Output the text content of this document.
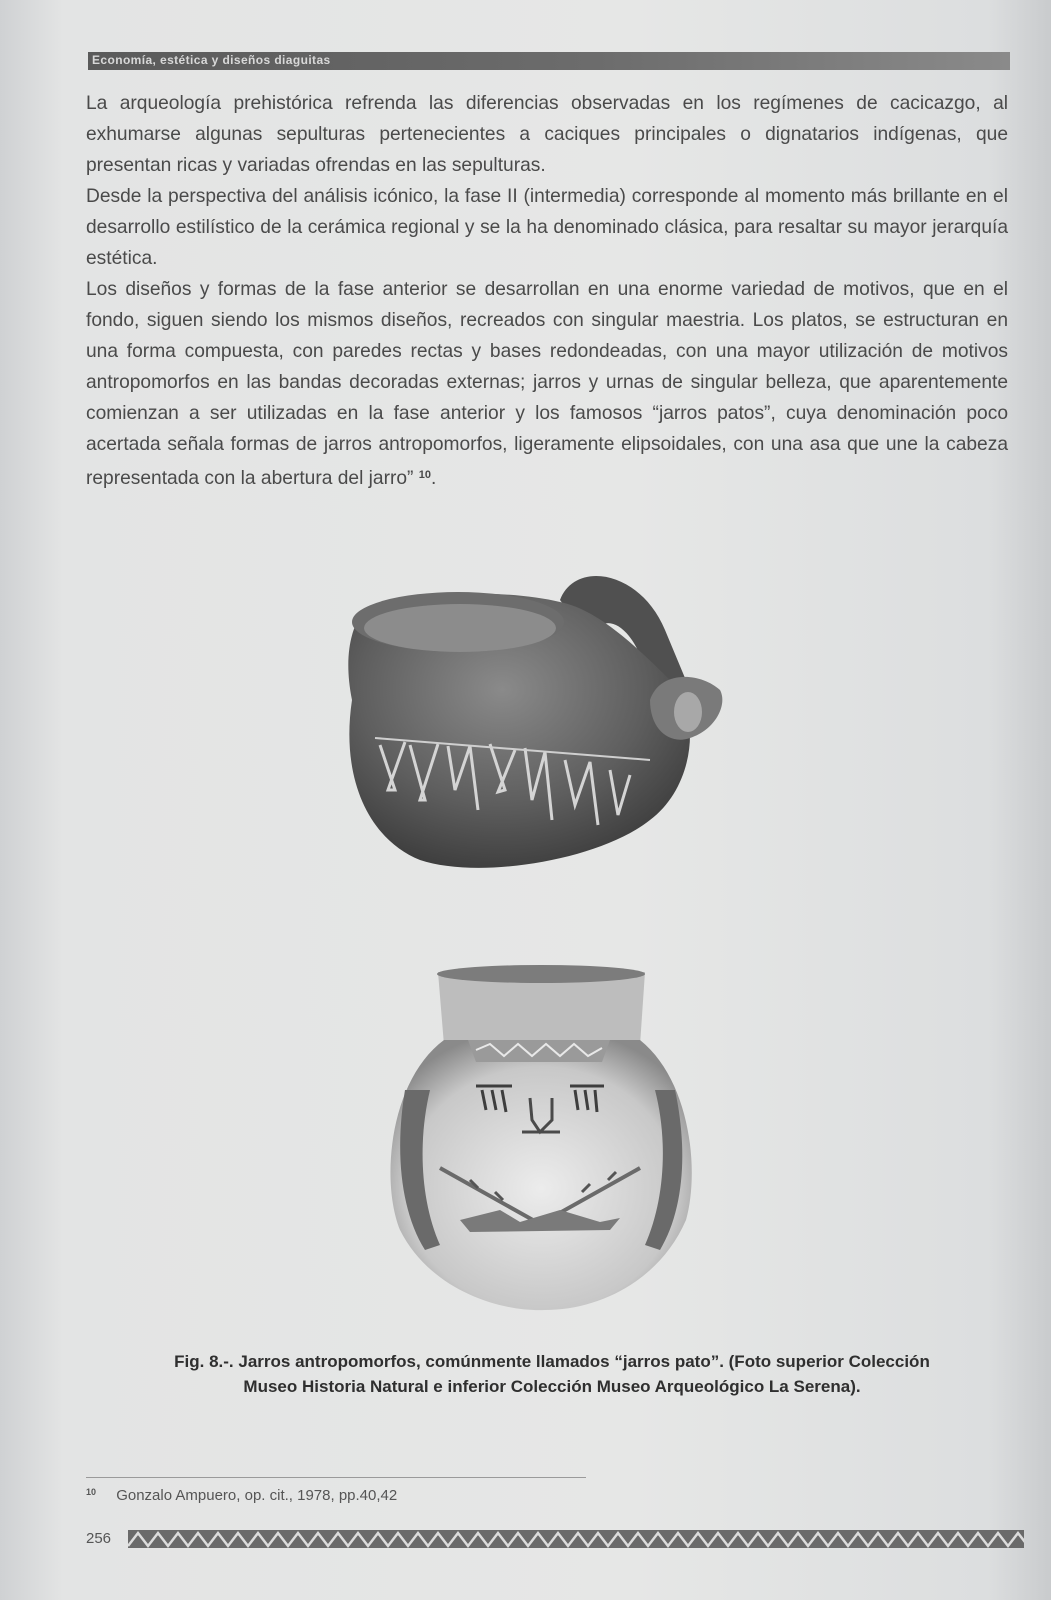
Economía, estética y diseños diaguitas

La arqueología prehistórica refrenda las diferencias observadas en los regímenes de cacicazgo, al exhumarse algunas sepulturas pertenecientes a caciques principales o dignatarios indígenas, que presentan ricas y variadas ofrendas en las sepulturas.

Desde la perspectiva del análisis icónico, la fase II (intermedia) corresponde al momento más brillante en el desarrollo estilístico de la cerámica regional y se la ha denominado clásica, para resaltar su mayor jerarquía estética.

Los diseños y formas de la fase anterior se desarrollan en una enorme variedad de motivos, que en el fondo, siguen siendo los mismos diseños, recreados con singular maestria. Los platos, se estructuran en una forma compuesta, con paredes rectas y bases redondeadas, con una mayor utilización de motivos antropomorfos en las bandas decoradas externas; jarros y urnas de singular belleza, que aparentemente comienzan a ser utilizadas en la fase anterior y los famosos “jarros patos”, cuya denominación poco acertada señala formas de jarros antropomorfos, ligeramente elipsoidales, con una asa que une la cabeza representada con la abertura del jarro” $^{10}$.

Fig. 8.-. Jarros antropomorfos, comúnmente llamados “jarros pato”. (Foto superior Colección
Museo Historia Natural e inferior Colección Museo Arqueológico La Serena).
$^{10}$ Gonzalo Ampuero, op. cit., 1978, pp.40,42
256
